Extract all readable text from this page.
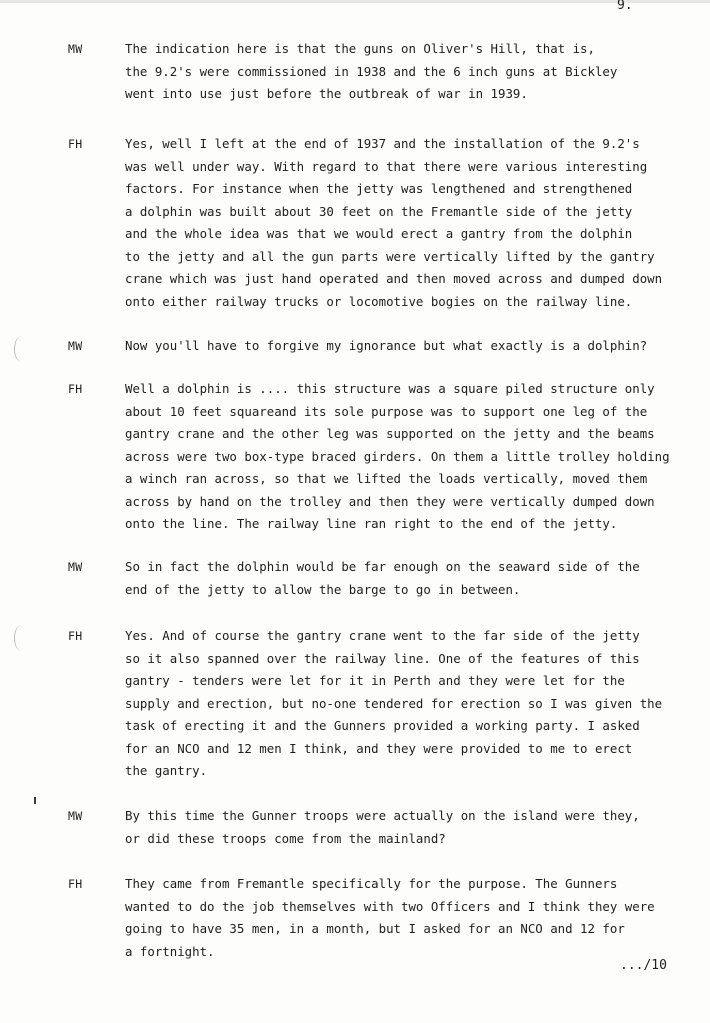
9.
MW	The indication here is that the guns on Oliver's Hill, that is,
the 9.2's were commissioned in 1938 and the 6 inch guns at Bickley
went into use just before the outbreak of war in 1939.
FH	Yes, well I left at the end of 1937 and the installation of the 9.2's
was well under way. With regard to that there were various interesting
factors. For instance when the jetty was lengthened and strengthened
a dolphin was built about 30 feet on the Fremantle side of the jetty
and the whole idea was that we would erect a gantry from the dolphin
to the jetty and all the gun parts were vertically lifted by the gantry
crane which was just hand operated and then moved across and dumped down
onto either railway trucks or locomotive bogies on the railway line.
MW	Now you'll have to forgive my ignorance but what exactly is a dolphin?
FH	Well a dolphin is .... this structure was a square piled structure only
about 10 feet squareand its sole purpose was to support one leg of the
gantry crane and the other leg was supported on the jetty and the beams
across were two box-type braced girders. On them a little trolley holding
a winch ran across, so that we lifted the loads vertically, moved them
across by hand on the trolley and then they were vertically dumped down
onto the line. The railway line ran right to the end of the jetty.
MW	So in fact the dolphin would be far enough on the seaward side of the
end of the jetty to allow the barge to go in between.
FH	Yes. And of course the gantry crane went to the far side of the jetty
so it also spanned over the railway line. One of the features of this
gantry - tenders were let for it in Perth and they were let for the
supply and erection, but no-one tendered for erection so I was given the
task of erecting it and the Gunners provided a working party. I asked
for an NCO and 12 men I think, and they were provided to me to erect
the gantry.
MW	By this time the Gunner troops were actually on the island were they,
or did these troops come from the mainland?
FH	They came from Fremantle specifically for the purpose. The Gunners
wanted to do the job themselves with two Officers and I think they were
going to have 35 men, in a month, but I asked for an NCO and 12 for
a fortnight.
.../10
